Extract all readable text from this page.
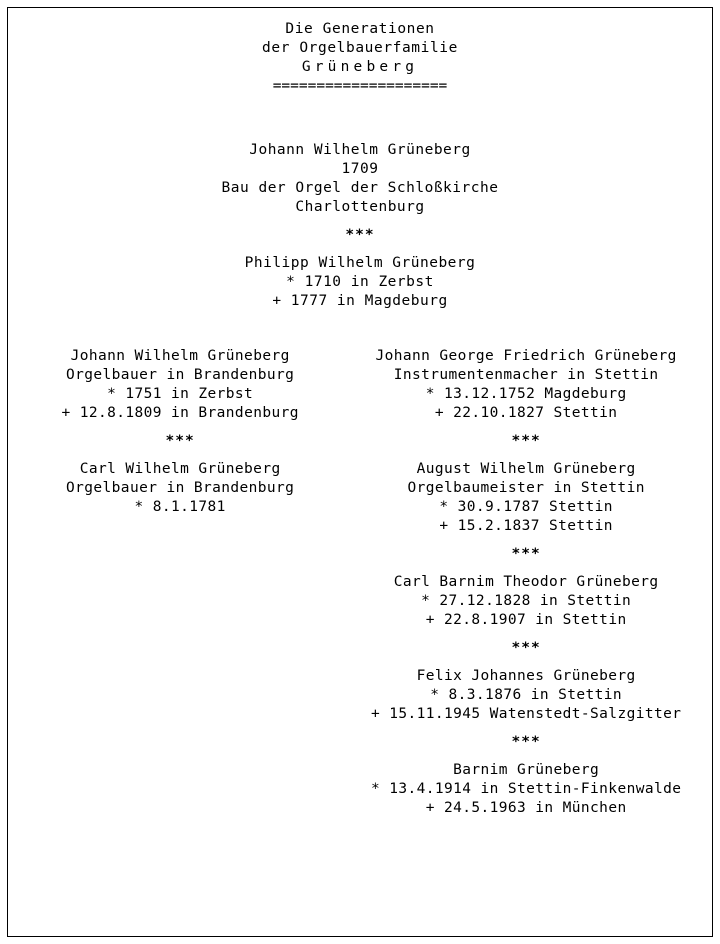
Die Generationen
der Orgelbauerfamilie
Grüneberg
====================
Johann Wilhelm Grüneberg
1709
Bau der Orgel der Schloßkirche
Charlottenburg
***
Philipp Wilhelm Grüneberg
* 1710 in Zerbst
+ 1777 in Magdeburg
Johann Wilhelm Grüneberg
Orgelbauer in Brandenburg
* 1751 in Zerbst
+ 12.8.1809 in Brandenburg
***
Carl Wilhelm Grüneberg
Orgelbauer in Brandenburg
* 8.1.1781
Johann George Friedrich Grüneberg
Instrumentenmacher in Stettin
* 13.12.1752 Magdeburg
+ 22.10.1827 Stettin
***
August Wilhelm Grüneberg
Orgelbaumeister in Stettin
* 30.9.1787 Stettin
+ 15.2.1837 Stettin
***
Carl Barnim Theodor Grüneberg
* 27.12.1828 in Stettin
+ 22.8.1907 in Stettin
***
Felix Johannes Grüneberg
* 8.3.1876 in Stettin
+ 15.11.1945 Watenstedt-Salzgitter
***
Barnim Grüneberg
* 13.4.1914 in Stettin-Finkenwalde
+ 24.5.1963 in München
